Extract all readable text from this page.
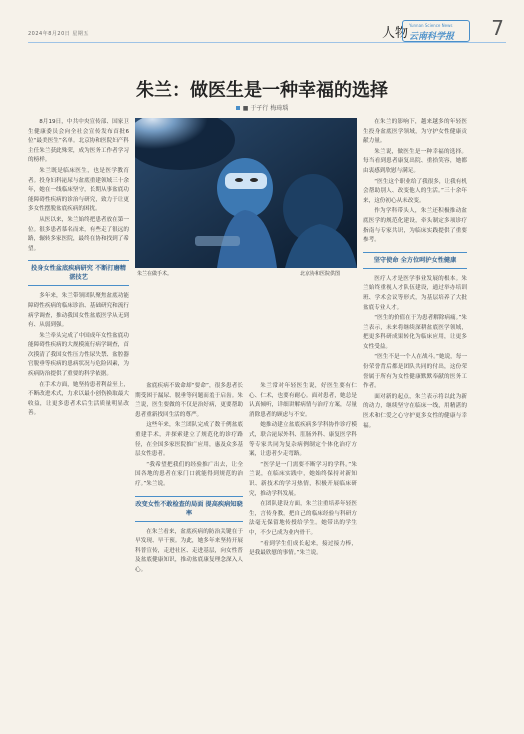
2024年8月20日 星期五	人物
Yunnan Science News
云南科学报 7
朱兰：做医生是一种幸福的选择
■ 于孑行 梅琦瑀
朱兰在做手术。	北京协和医院供图

8月19日，中共中央宣传部、国家卫生健康委员会向全社会宣传发布首批6位“最美医生”名单。北京协和医院妇产科主任朱兰获此殊荣，成为医务工作者学习的榜样。

朱兰既是临床医生，也是医学教育者。投身妇科泌尿与盆底重建领域三十余年，她在一线临床坚守，长期从事盆底功能障碍性疾病的诊治与研究，致力于让更多女性摆脱盆底疾病的困扰。

从医以来，朱兰始终把患者放在第一位。很多患者慕名而来，有些走了很远的路，辗转多家医院，最终在协和找到了希望。

投身女性盆底疾病研究 不断打磨精湛技艺

多年来，朱兰带领团队聚焦盆底功能障碍性疾病的临床诊治、基础研究和流行病学调查，推动我国女性盆底医学从无到有、从弱到强。

朱兰牵头完成了中国成年女性盆底功能障碍性疾病的大规模流行病学调查，首次摸清了我国女性压力性尿失禁、盆腔器官脱垂等疾病的患病状况与危险因素，为疾病防治提供了重要的科学依据。

在手术方面，她坚持患者利益至上，不断改进术式，力求以最小创伤换取最大收益，让更多患者术后生活质量明显改善。

盆底疾病不致命却“要命”，很多患者长期受困于漏尿、脱垂等问题而羞于启齿。朱兰说，医生要做的不仅是治好病，更要帮助患者重新找回生活的尊严。

这些年来，朱兰团队完成了数千例盆底重建手术，并探索建立了规范化的诊疗路径，在全国多家医院推广应用，惠及众多基层女性患者。

“我希望把我们的经验推广出去，让全国各地的患者在家门口就能得到规范的治疗。”朱兰说。

改变女性不敢检查的局面 提高疾病知晓率

在朱兰看来，盆底疾病的防治关键在于早发现、早干预。为此，她多年来坚持开展科普宣传，走进社区、走进基层，向女性普及盆底健康知识，推动盆底康复理念深入人心。

朱兰常对年轻医生说，好医生要有仁心、仁术，也要有耐心。面对患者，她总是认真倾听，详细讲解病情与治疗方案，尽量消除患者的顾虑与不安。

她推动建立盆底疾病多学科协作诊疗模式，联合泌尿外科、肛肠外科、康复医学科等专家共同为复杂病例制定个体化治疗方案，让患者少走弯路。

“医学是一门需要不断学习的学科。”朱兰说，在临床实践中，她始终保持对新知识、新技术的学习热情，积极开展临床研究，推动学科发展。

在团队建设方面，朱兰注重培养年轻医生，言传身教，把自己的临床经验与科研方法毫无保留地传授给学生。她带出的学生中，不少已成为业内骨干。

“看到学生们成长起来，接过接力棒，是我最欣慰的事情。”朱兰说。

在朱兰的影响下，越来越多的年轻医生投身盆底医学领域，为守护女性健康贡献力量。

朱兰说，做医生是一种幸福的选择。每当看到患者康复出院、重拾笑容，她都由衷感到欣慰与满足。

“医生这个职业给了我很多，让我有机会帮助别人、改变他人的生活。”三十余年来，这份初心从未改变。

作为学科带头人，朱兰还积极推动盆底医学的规范化建设，牵头制定多项诊疗指南与专家共识，为临床实践提供了重要参考。

坚守使命 全方位呵护女性健康

医疗人才是医学事业发展的根本。朱兰始终重视人才队伍建设，通过举办培训班、学术会议等形式，为基层培养了大批盆底专业人才。

“医生的价值在于为患者解除病痛。”朱兰表示，未来将继续深耕盆底医学领域，把更多科研成果转化为临床应用，让更多女性受益。

“医生不是一个人在战斗。”她说，每一份荣誉背后都是团队共同的付出，这份荣誉属于所有为女性健康默默奉献的医务工作者。

面对新的起点，朱兰表示将以此为新的动力，继续坚守在临床一线，用精湛的医术和仁爱之心守护更多女性的健康与幸福。
